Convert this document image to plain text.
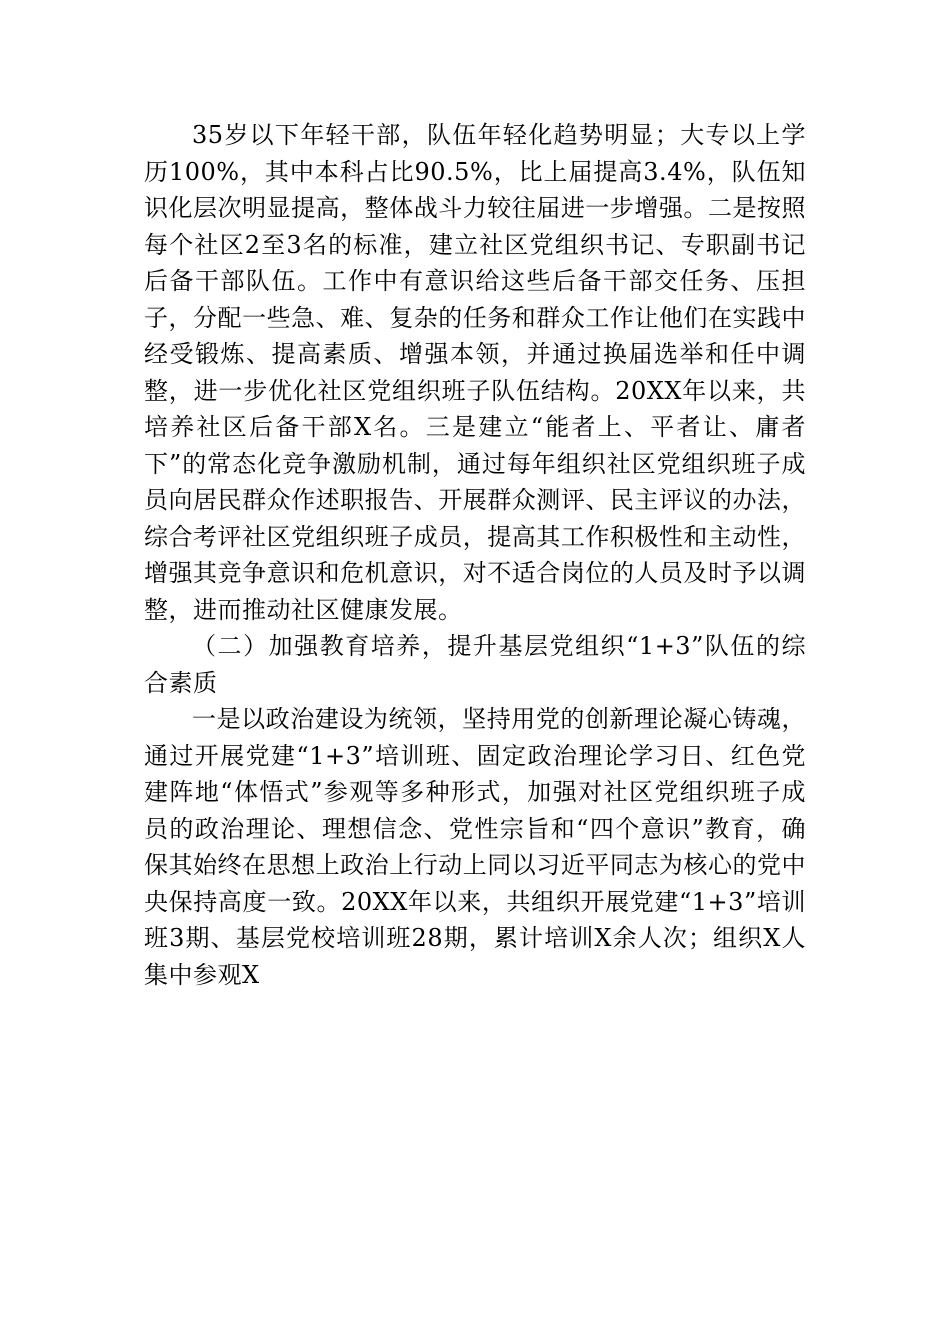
35岁以下年轻干部，队伍年轻化趋势明显；大专以上学历100%，其中本科占比90.5%，比上届提高3.4%，队伍知识化层次明显提高，整体战斗力较往届进一步增强。二是按照每个社区2至3名的标准，建立社区党组织书记、专职副书记后备干部队伍。工作中有意识给这些后备干部交任务、压担子，分配一些急、难、复杂的任务和群众工作让他们在实践中经受锻炼、提高素质、增强本领，并通过换届选举和任中调整，进一步优化社区党组织班子队伍结构。20XX年以来，共培养社区后备干部X名。三是建立“能者上、平者让、庸者下”的常态化竞争激励机制，通过每年组织社区党组织班子成员向居民群众作述职报告、开展群众测评、民主评议的办法，综合考评社区党组织班子成员，提高其工作积极性和主动性，增强其竞争意识和危机意识，对不适合岗位的人员及时予以调整，进而推动社区健康发展。

（二）加强教育培养，提升基层党组织“1+3”队伍的综合素质

一是以政治建设为统领，坚持用党的创新理论凝心铸魂，通过开展党建“1+3”培训班、固定政治理论学习日、红色党建阵地“体悟式”参观等多种形式，加强对社区党组织班子成员的政治理论、理想信念、党性宗旨和“四个意识”教育，确保其始终在思想上政治上行动上同以习近平同志为核心的党中央保持高度一致。20XX年以来，共组织开展党建“1+3”培训班3期、基层党校培训班28期，累计培训X余人次；组织X人集中参观X
